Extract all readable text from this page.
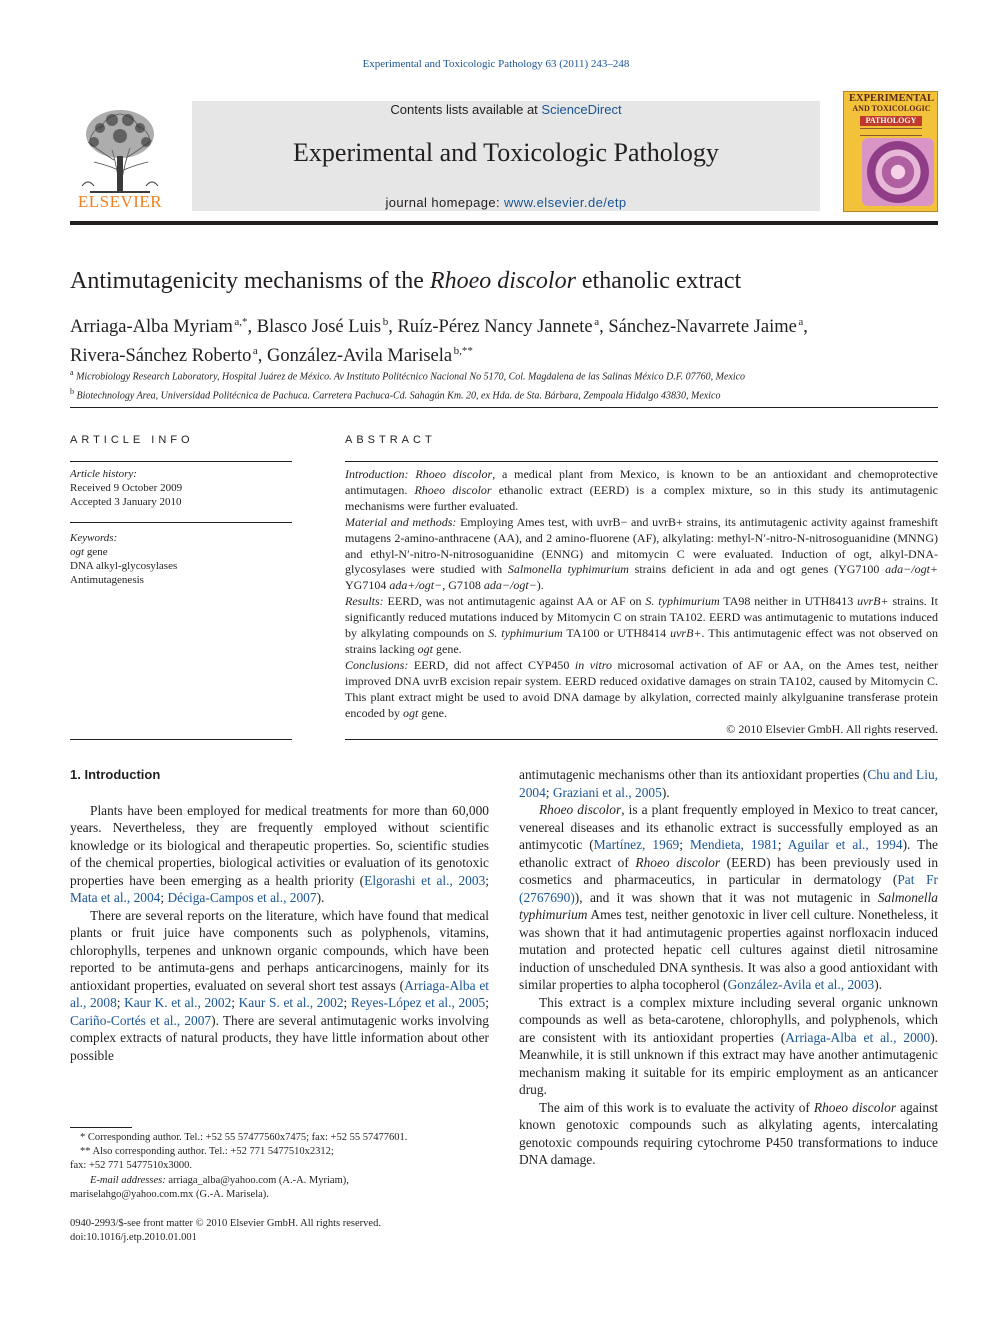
Experimental and Toxicologic Pathology 63 (2011) 243–248
ELSEVIER
Contents lists available at ScienceDirect
Experimental and Toxicologic Pathology
journal homepage: www.elsevier.de/etp
EXPERIMENTAL
AND TOXICOLOGIC
PATHOLOGY
Antimutagenicity mechanisms of the Rhoeo discolor ethanolic extract
Arriaga-Alba Myriam  $^{a,*}$, Blasco José Luis  $^b$, Ruíz-Pérez Nancy Jannete  $^a$, Sánchez-Navarrete Jaime  $^a$,
Rivera-Sánchez Roberto  $^a$, González-Avila Marisela  $^{b,**}$
$^a$ Microbiology Research Laboratory, Hospital Juárez de México. Av Instituto Politécnico Nacional No 5170, Col. Magdalena de las Salinas México D.F. 07760, Mexico
$^b$ Biotechnology Area, Universidad Politécnica de Pachuca. Carretera Pachuca-Cd. Sahagún Km. 20, ex Hda. de Sta. Bárbara, Zempoala Hidalgo 43830, Mexico
ARTICLE INFO
Article history:
Received 9 October 2009
Accepted 3 January 2010
Keywords:
ogt gene
DNA alkyl-glycosylases
Antimutagenesis
ABSTRACT

Introduction: Rhoeo discolor, a medical plant from Mexico, is known to be an antioxidant and chemoprotective antimutagen. Rhoeo discolor ethanolic extract (EERD) is a complex mixture, so in this study its antimutagenic mechanisms were further evaluated.

Material and methods: Employing Ames test, with uvrB− and uvrB+ strains, its antimutagenic activity against frameshift mutagens 2-amino-anthracene (AA), and 2 amino-fluorene (AF), alkylating: methyl-N′-nitro-N-nitrosoguanidine (MNNG) and ethyl-N′-nitro-N-nitrosoguanidine (ENNG) and mitomycin C were evaluated. Induction of ogt, alkyl-DNA-glycosylases were studied with Salmonella typhimurium strains deficient in ada and ogt genes (YG7100 ada−/ogt+ YG7104 ada+/ogt−, G7108 ada−/ogt−).

Results: EERD, was not antimutagenic against AA or AF on S. typhimurium TA98 neither in UTH8413 uvrB+ strains. It significantly reduced mutations induced by Mitomycin C on strain TA102. EERD was antimutagenic to mutations induced by alkylating compounds on S. typhimurium TA100 or UTH8414 uvrB+. This antimutagenic effect was not observed on strains lacking ogt gene.

Conclusions: EERD, did not affect CYP450 in vitro microsomal activation of AF or AA, on the Ames test, neither improved DNA uvrB excision repair system. EERD reduced oxidative damages on strain TA102, caused by Mitomycin C. This plant extract might be used to avoid DNA damage by alkylation, corrected mainly alkylguanine transferase protein encoded by ogt gene.

© 2010 Elsevier GmbH. All rights reserved.

1. Introduction

Plants have been employed for medical treatments for more than 60,000 years. Nevertheless, they are frequently employed without scientific knowledge or its biological and therapeutic properties. So, scientific studies of the chemical properties, biological activities or evaluation of its genotoxic properties have been emerging as a health priority (Elgorashi et al., 2003; Mata et al., 2004; Déciga-Campos et al., 2007).

There are several reports on the literature, which have found that medical plants or fruit juice have components such as polyphenols, vitamins, chlorophylls, terpenes and unknown organic compounds, which have been reported to be antimuta-gens and perhaps anticarcinogens, mainly for its antioxidant properties, evaluated on several short test assays (Arriaga-Alba et al., 2008; Kaur K. et al., 2002; Kaur S. et al., 2002; Reyes-López et al., 2005; Cariño-Cortés et al., 2007). There are several antimutagenic works involving complex extracts of natural products, they have little information about other possible

antimutagenic mechanisms other than its antioxidant properties (Chu and Liu, 2004; Graziani et al., 2005).

Rhoeo discolor, is a plant frequently employed in Mexico to treat cancer, venereal diseases and its ethanolic extract is successfully employed as an antimycotic (Martínez, 1969; Mendieta, 1981; Aguilar et al., 1994). The ethanolic extract of Rhoeo discolor (EERD) has been previously used in cosmetics and pharmaceutics, in particular in dermatology (Pat Fr (2767690)), and it was shown that it was not mutagenic in Salmonella typhimurium Ames test, neither genotoxic in liver cell culture. Nonetheless, it was shown that it had antimutagenic properties against norfloxacin induced mutation and protected hepatic cell cultures against dietil nitrosamine induction of unscheduled DNA synthesis. It was also a good antioxidant with similar properties to alpha tocopherol (González-Avila et al., 2003).

This extract is a complex mixture including several organic unknown compounds as well as beta-carotene, chlorophylls, and polyphenols, which are consistent with its antioxidant properties (Arriaga-Alba et al., 2000). Meanwhile, it is still unknown if this extract may have another antimutagenic mechanism making it suitable for its empiric employment as an anticancer drug.

The aim of this work is to evaluate the activity of Rhoeo discolor against known genotoxic compounds such as alkylating agents, intercalating genotoxic compounds requiring cytochrome P450 transformations to induce DNA damage.

* Corresponding author. Tel.: +52 55 57477560x7475; fax: +52 55 57477601.

** Also corresponding author. Tel.: +52 771 5477510x2312;

fax: +52 771 5477510x3000.

E-mail addresses: arriaga_alba@yahoo.com (A.-A. Myriam),

mariselahgo@yahoo.com.mx (G.-A. Marisela).

0940-2993/$-see front matter © 2010 Elsevier GmbH. All rights reserved.

doi:10.1016/j.etp.2010.01.001
